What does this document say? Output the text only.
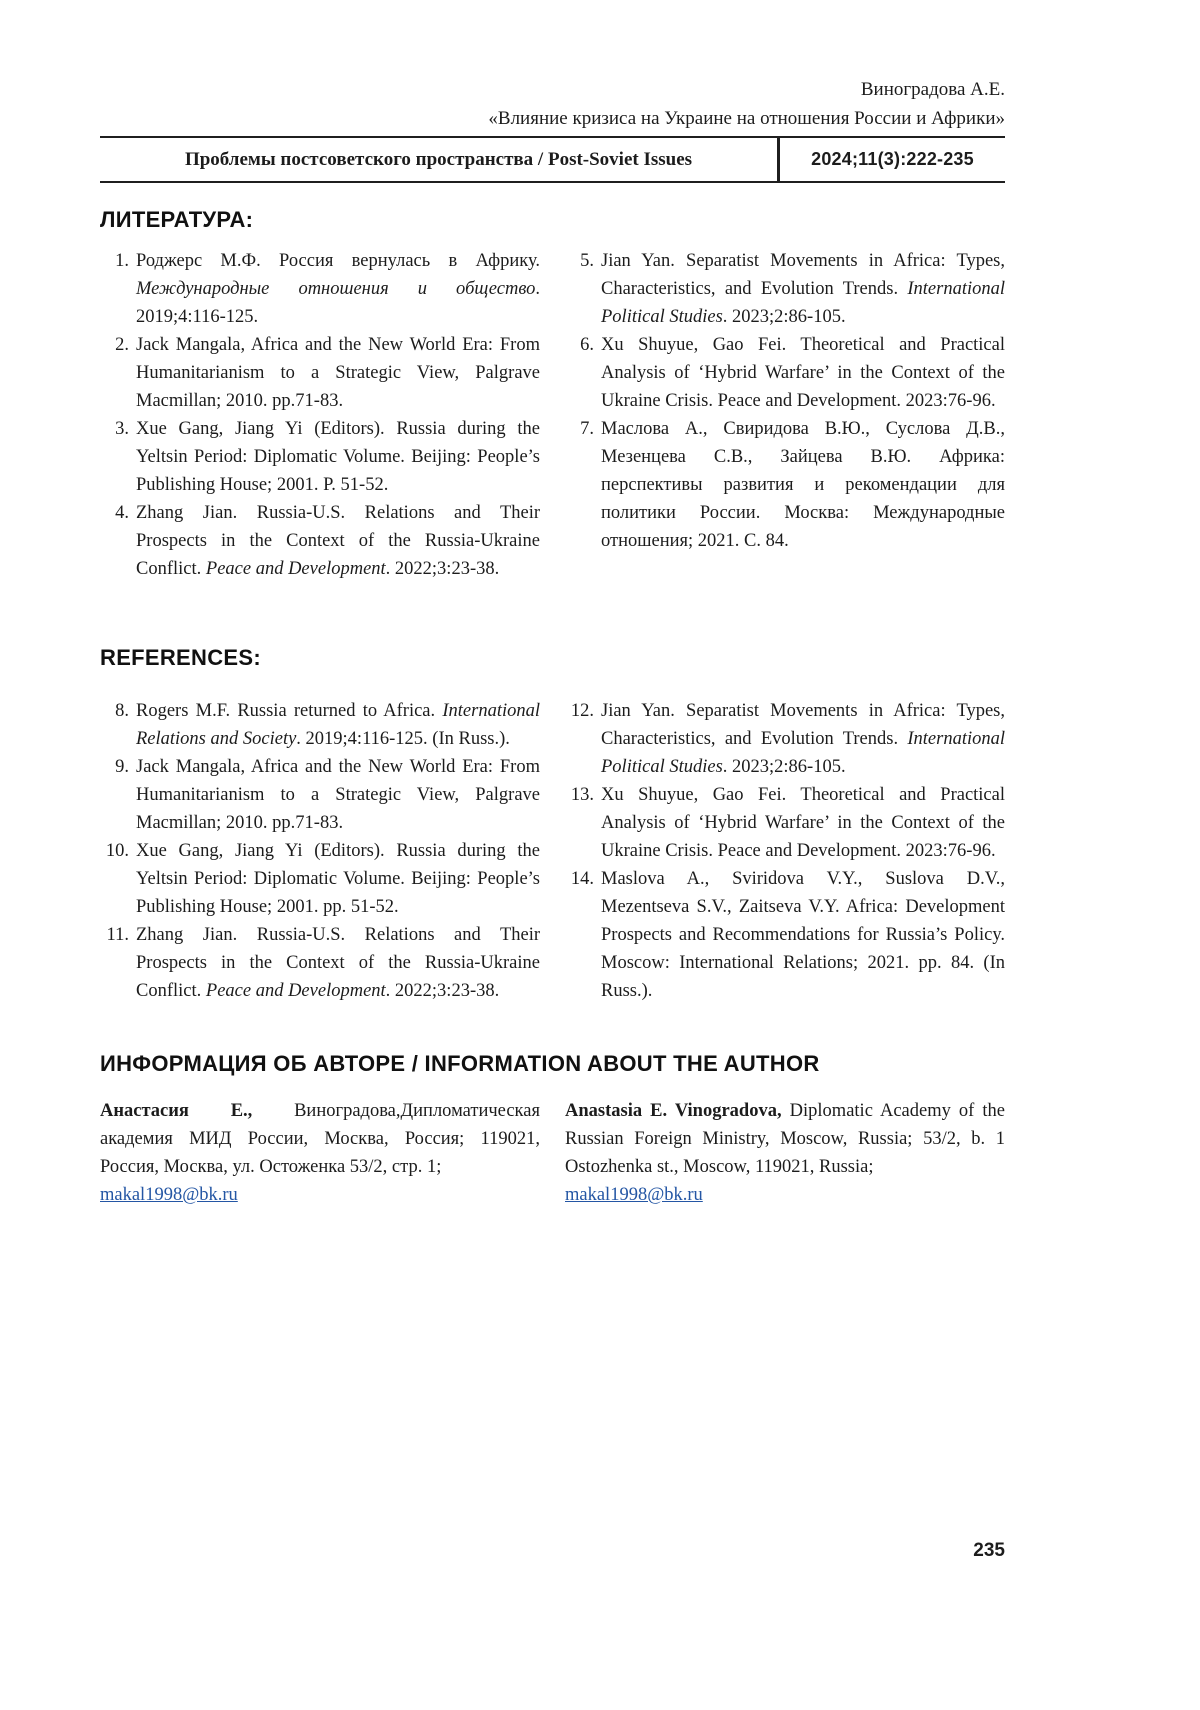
Виноградова А.Е.
«Влияние кризиса на Украине на отношения России и Африки»
Проблемы постсоветского пространства / Post-Soviet Issues	2024;11(3):222-235
ЛИТЕРАТУРА:
1. Роджерс М.Ф. Россия вернулась в Африку. Международные отношения и общество. 2019;4:116-125.
2. Jack Mangala, Africa and the New World Era: From Humanitarianism to a Strategic View, Palgrave Macmillan; 2010. pp.71-83.
3. Xue Gang, Jiang Yi (Editors). Russia during the Yeltsin Period: Diplomatic Volume. Beijing: People’s Publishing House; 2001. P. 51-52.
4. Zhang Jian. Russia-U.S. Relations and Their Prospects in the Context of the Russia-Ukraine Conflict. Peace and Development. 2022;3:23-38.
5. Jian Yan. Separatist Movements in Africa: Types, Characteristics, and Evolution Trends. International Political Studies. 2023;2:86-105.
6. Xu Shuyue, Gao Fei. Theoretical and Practical Analysis of ‘Hybrid Warfare’ in the Context of the Ukraine Crisis. Peace and Development. 2023:76-96.
7. Маслова А., Свиридова В.Ю., Суслова Д.В., Мезенцева С.В., Зайцева В.Ю. Африка: перспективы развития и рекомендации для политики России. Москва: Международные отношения; 2021. С. 84.
REFERENCES:
8. Rogers M.F. Russia returned to Africa. International Relations and Society. 2019;4:116-125. (In Russ.).
9. Jack Mangala, Africa and the New World Era: From Humanitarianism to a Strategic View, Palgrave Macmillan; 2010. pp.71-83.
10. Xue Gang, Jiang Yi (Editors). Russia during the Yeltsin Period: Diplomatic Volume. Beijing: People’s Publishing House; 2001. pp. 51-52.
11. Zhang Jian. Russia-U.S. Relations and Their Prospects in the Context of the Russia-Ukraine Conflict. Peace and Development. 2022;3:23-38.
12. Jian Yan. Separatist Movements in Africa: Types, Characteristics, and Evolution Trends. International Political Studies. 2023;2:86-105.
13. Xu Shuyue, Gao Fei. Theoretical and Practical Analysis of ‘Hybrid Warfare’ in the Context of the Ukraine Crisis. Peace and Development. 2023:76-96.
14. Maslova A., Sviridova V.Y., Suslova D.V., Mezentseva S.V., Zaitseva V.Y. Africa: Development Prospects and Recommendations for Russia’s Policy. Moscow: International Relations; 2021. pp. 84. (In Russ.).
ИНФОРМАЦИЯ ОБ АВТОРЕ / INFORMATION ABOUT THE AUTHOR

Анастасия Е., Виноградова,Дипломатическая академия МИД России, Москва, Россия; 119021, Россия, Москва, ул. Остоженка 53/2, стр. 1;

makal1998@bk.ru

Anastasia E. Vinogradova, Diplomatic Academy of the Russian Foreign Ministry, Moscow, Russia; 53/2, b. 1 Ostozhenka st., Moscow, 119021, Russia;

makal1998@bk.ru
235
